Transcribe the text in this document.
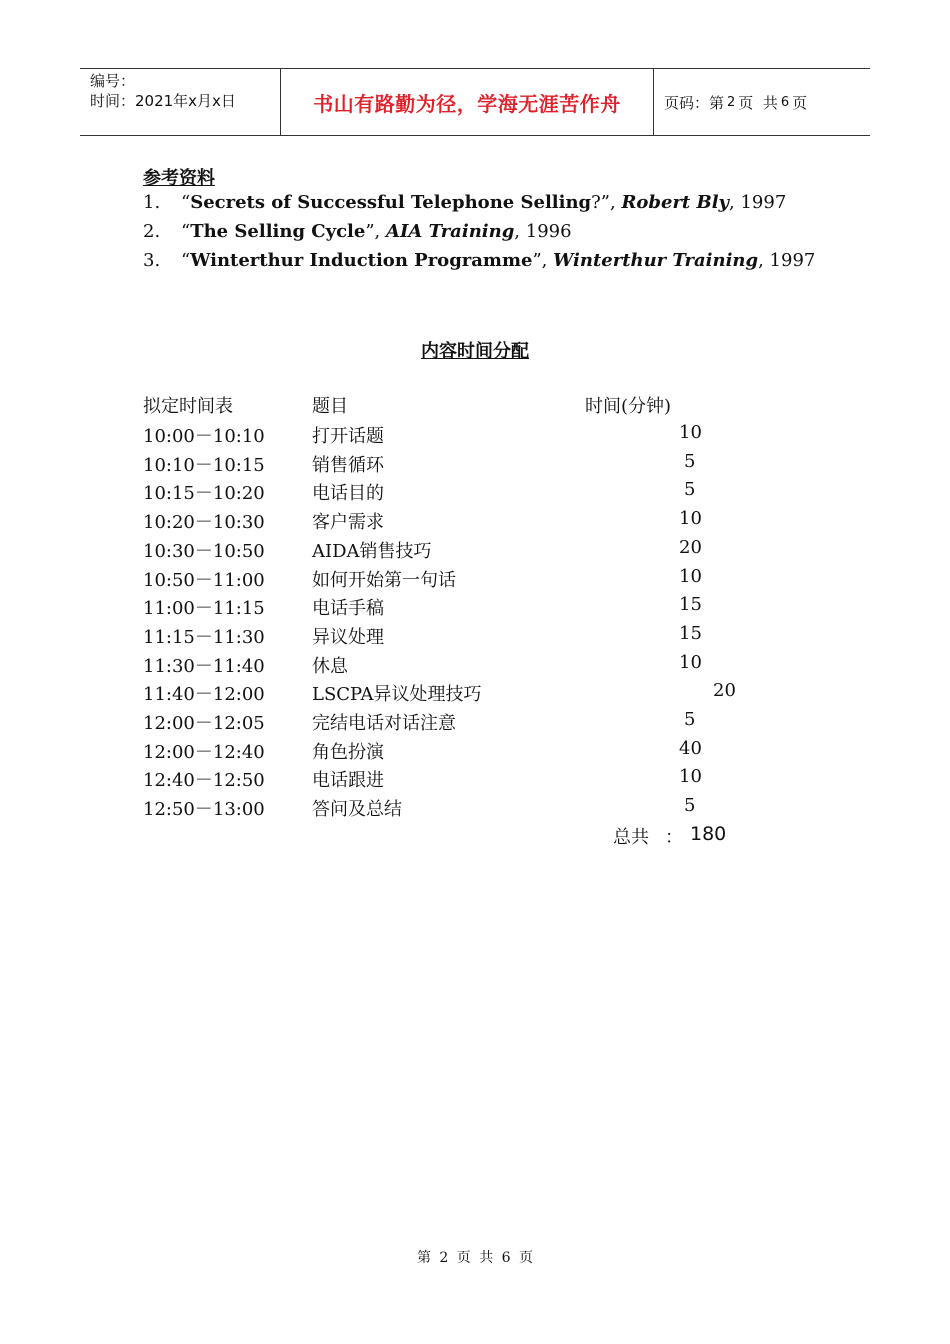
编号：
时间：2021年x月x日	书山有路勤为径，学海无涯苦作舟	页码：第 2 页  共 6 页
参考资料
1. “Secrets of Successful Telephone Selling?”, Robert Bly, 1997
2. “The Selling Cycle”, AIA Training, 1996
3. “Winterthur Induction Programme”, Winterthur Training, 1997
内容时间分配
拟定时间表	题目	时间(分钟)
10:00－10:10	打开话题	10
10:10－10:15	销售循环	5
10:15－10:20	电话目的	5
10:20－10:30	客户需求	10
10:30－10:50	AIDA销售技巧	20
10:50－11:00	如何开始第一句话	10
11:00－11:15	电话手稿	15
11:15－11:30	异议处理	15
11:30－11:40	休息	10
11:40－12:00	LSCPA异议处理技巧	20
12:00－12:05	完结电话对话注意	5
12:00－12:40	角色扮演	40
12:40－12:50	电话跟进	10
12:50－13:00	答问及总结	5
总共 ： 180
第 2 页 共 6 页
